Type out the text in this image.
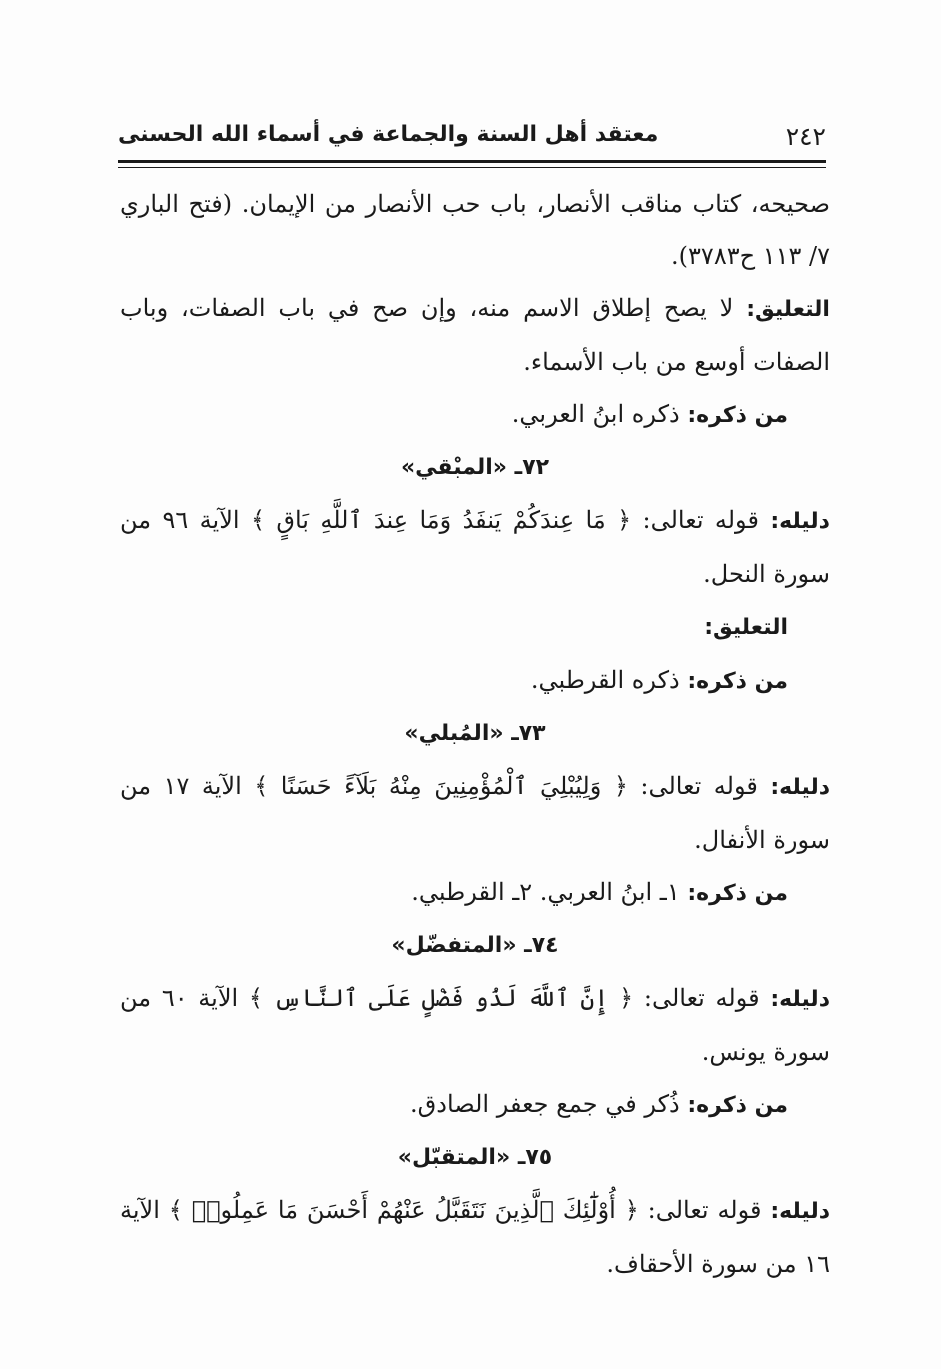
٢٤٢
معتقد أهل السنة والجماعة في أسماء الله الحسنى

صحيحه، كتاب مناقب الأنصار، باب حب الأنصار من الإيمان. (فتح الباري ٧/ ١١٣ ح٣٧٨٣).

التعليق: لا يصح إطلاق الاسم منه، وإن صح في باب الصفات، وباب الصفات أوسع من باب الأسماء.

من ذكره: ذكره ابنُ العربي.

٧٢ـ «المبْقي»

دليله: قوله تعالى: ﴿ مَا عِندَكُمْ يَنفَدُ وَمَا عِندَ ٱللَّهِ بَاقٍ ﴾ الآية ٩٦ من سورة النحل.

التعليق:

من ذكره: ذكره القرطبي.

٧٣ـ «المُبلي»

دليله: قوله تعالى: ﴿ وَلِيُبْلِيَ ٱلْمُؤْمِنِينَ مِنْهُ بَلَآءً حَسَنًا ﴾ الآية ١٧ من سورة الأنفال.

من ذكره: ١ـ ابنُ العربي. ٢ـ القرطبي.

٧٤ـ «المتفضّل»

دليله: قوله تعالى: ﴿ إِنَّ ٱللَّهَ لَذُو فَضْلٍ عَلَى ٱلنَّاسِ ﴾ الآية ٦٠ من سورة يونس.

من ذكره: ذُكر في جمع جعفر الصادق.

٧٥ـ «المتقبّل»

دليله: قوله تعالى: ﴿ أُوْلَٰٓئِكَ ٱلَّذِينَ نَتَقَبَّلُ عَنْهُمْ أَحْسَنَ مَا عَمِلُوا۟ ﴾ الآية ١٦ من سورة الأحقاف.
